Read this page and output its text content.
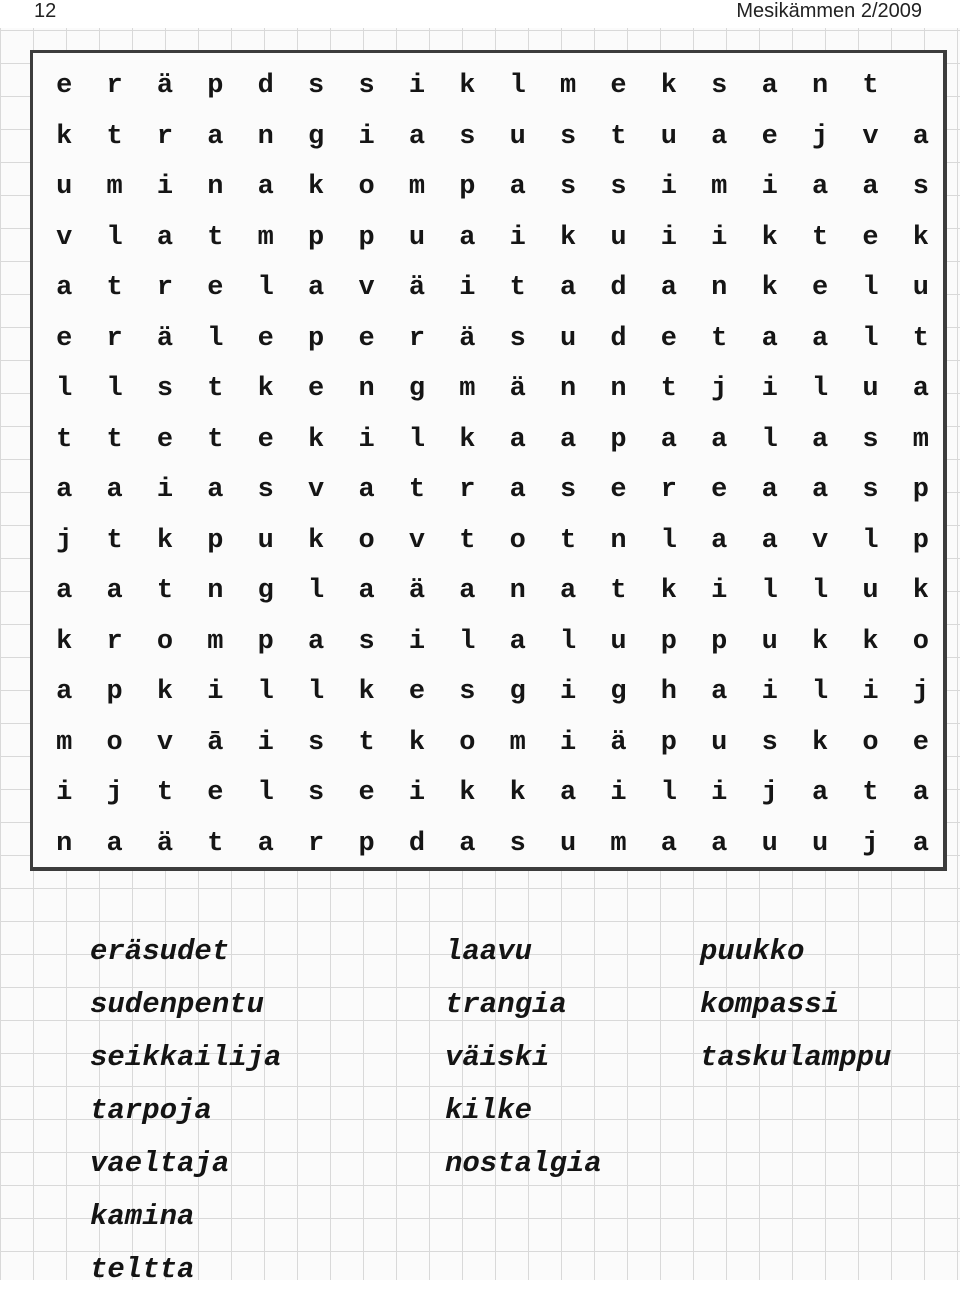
12	Mesikämmen 2/2009
e	r	ä	p	d	s	s	i	k	l	m	e	k	s	a	n	t
k	t	r	a	n	g	i	a	s	u	s	t	u	a	e	j	v	a
u	m	i	n	a	k	o	m	p	a	s	s	i	m	i	a	a	s
v	l	a	t	m	p	p	u	a	i	k	u	i	i	k	t	e	k
a	t	r	e	l	a	v	ä	i	t	a	d	a	n	k	e	l	u
e	r	ä	l	e	p	e	r	ä	s	u	d	e	t	a	a	l	t
l	l	s	t	k	e	n	g	m	ä	n	n	t	j	i	l	u	a
t	t	e	t	e	k	i	l	k	a	a	p	a	a	l	a	s	m
a	a	i	a	s	v	a	t	r	a	s	e	r	e	a	a	s	p
j	t	k	p	u	k	o	v	t	o	t	n	l	a	a	v	l	p
a	a	t	n	g	l	a	ä	a	n	a	t	k	i	l	l	u	k
k	r	o	m	p	a	s	i	l	a	l	u	p	p	u	k	k	o
a	p	k	i	l	l	k	e	s	g	i	g	h	a	i	l	i	j
m	o	v	ā	i	s	t	k	o	m	i	ä	p	u	s	k	o	e
i	j	t	e	l	s	e	i	k	k	a	i	l	i	j	a	t	a
n	a	ä	t	a	r	p	d	a	s	u	m	a	a	u	u	j	a
eräsudet
sudenpentu
seikkailija
tarpoja
vaeltaja
kamina
teltta
laavu
trangia
väiski
kilke
nostalgia
puukko
kompassi
taskulamppu
